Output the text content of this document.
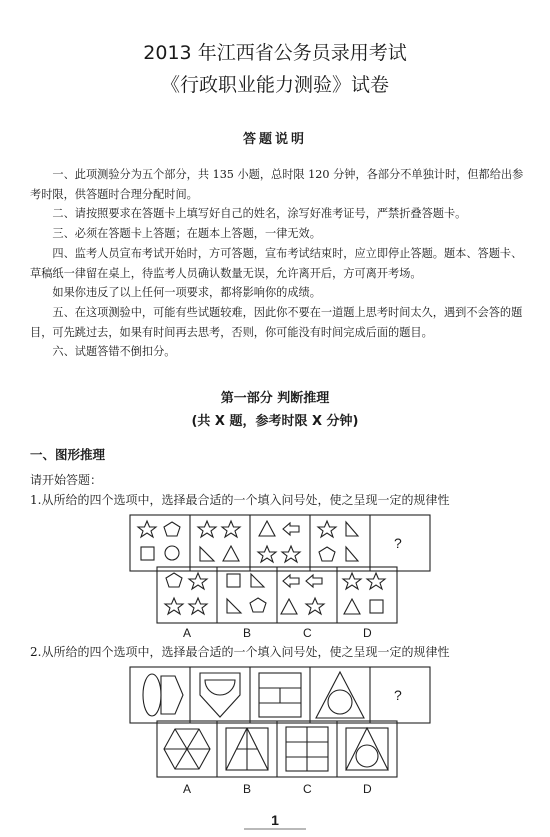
2013 年江西省公务员录用考试
《行政职业能力测验》试卷
答题说明

一、此项测验分为五个部分，共 135 小题，总时限 120 分钟，各部分不单独计时，但都给出参考时限，供答题时合理分配时间。

二、请按照要求在答题卡上填写好自己的姓名，涂写好准考证号，严禁折叠答题卡。

三、必须在答题卡上答题；在题本上答题，一律无效。

四、监考人员宣布考试开始时，方可答题，宣布考试结束时，应立即停止答题。题本、答题卡、草稿纸一律留在桌上，待监考人员确认数量无误，允许离开后，方可离开考场。

如果你违反了以上任何一项要求，都将影响你的成绩。

五、在这项测验中，可能有些试题较难，因此你不要在一道题上思考时间太久，遇到不会答的题目，可先跳过去，如果有时间再去思考，否则，你可能没有时间完成后面的题目。

六、试题答错不倒扣分。

第一部分 判断推理
(共 X 题，参考时限 X 分钟)
一、图形推理
请开始答题：
1.从所给的四个选项中，选择最合适的一个填入问号处，使之呈现一定的规律性
2.从所给的四个选项中，选择最合适的一个填入问号处，使之呈现一定的规律性
?
?
A	B	C	D
A	B	C	D
1
